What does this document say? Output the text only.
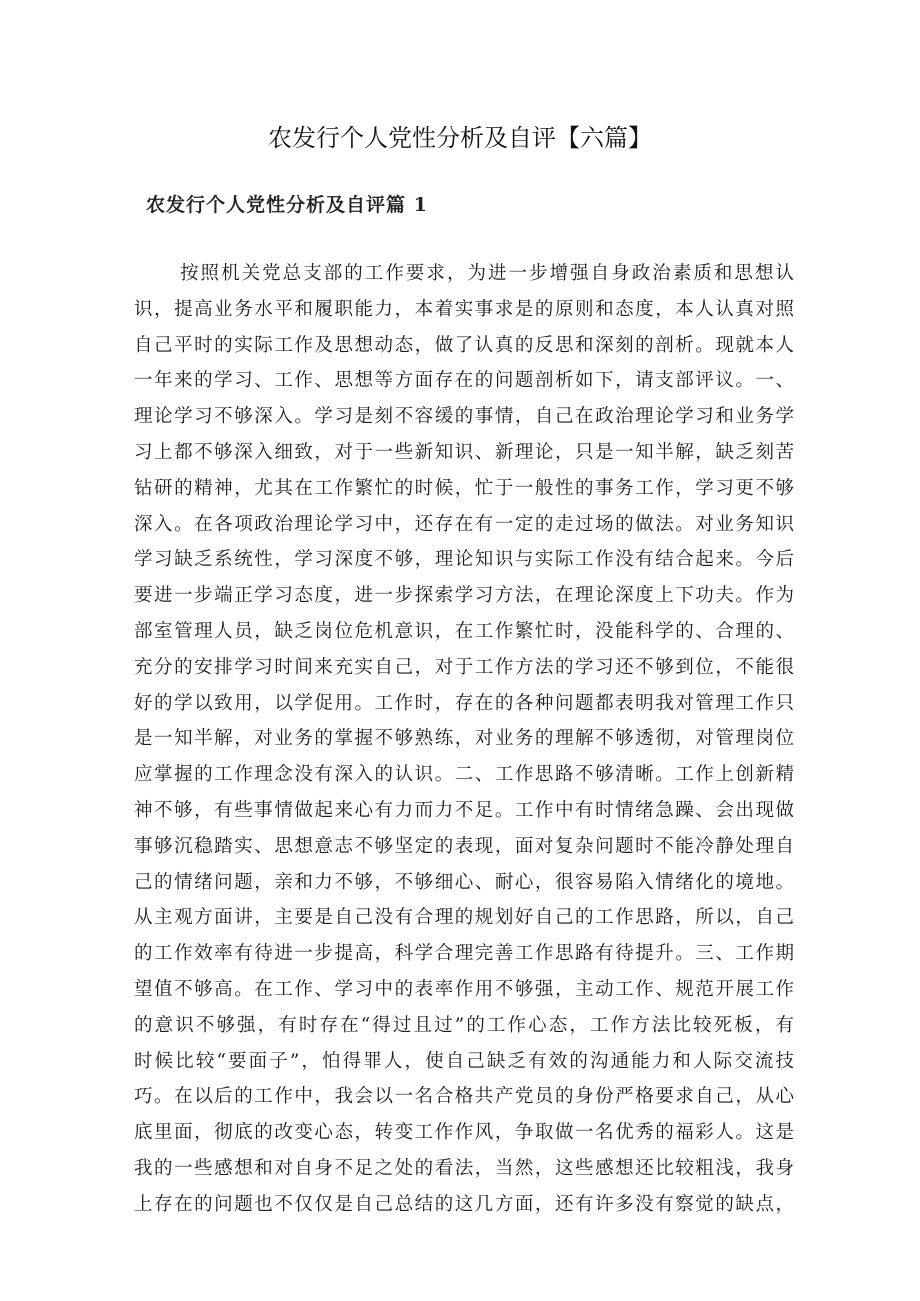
农发行个人党性分析及自评【六篇】
农发行个人党性分析及自评篇 1
按照机关党总支部的工作要求，为进一步增强自身政治素质和思想认
识，提高业务水平和履职能力，本着实事求是的原则和态度，本人认真对照
自己平时的实际工作及思想动态，做了认真的反思和深刻的剖析。现就本人
一年来的学习、工作、思想等方面存在的问题剖析如下，请支部评议。一、
理论学习不够深入。学习是刻不容缓的事情，自己在政治理论学习和业务学
习上都不够深入细致，对于一些新知识、新理论，只是一知半解，缺乏刻苦
钻研的精神，尤其在工作繁忙的时候，忙于一般性的事务工作，学习更不够
深入。在各项政治理论学习中，还存在有一定的走过场的做法。对业务知识
学习缺乏系统性，学习深度不够，理论知识与实际工作没有结合起来。今后
要进一步端正学习态度，进一步探索学习方法，在理论深度上下功夫。作为
部室管理人员，缺乏岗位危机意识，在工作繁忙时，没能科学的、合理的、
充分的安排学习时间来充实自己，对于工作方法的学习还不够到位，不能很
好的学以致用，以学促用。工作时，存在的各种问题都表明我对管理工作只
是一知半解，对业务的掌握不够熟练，对业务的理解不够透彻，对管理岗位
应掌握的工作理念没有深入的认识。二、工作思路不够清晰。工作上创新精
神不够，有些事情做起来心有力而力不足。工作中有时情绪急躁、会出现做
事够沉稳踏实、思想意志不够坚定的表现，面对复杂问题时不能冷静处理自
己的情绪问题，亲和力不够，不够细心、耐心，很容易陷入情绪化的境地。
从主观方面讲，主要是自己没有合理的规划好自己的工作思路，所以，自己
的工作效率有待进一步提高，科学合理完善工作思路有待提升。三、工作期
望值不够高。在工作、学习中的表率作用不够强，主动工作、规范开展工作
的意识不够强，有时存在“得过且过”的工作心态，工作方法比较死板，有
时候比较“要面子”，怕得罪人，使自己缺乏有效的沟通能力和人际交流技
巧。在以后的工作中，我会以一名合格共产党员的身份严格要求自己，从心
底里面，彻底的改变心态，转变工作作风，争取做一名优秀的福彩人。这是
我的一些感想和对自身不足之处的看法，当然，这些感想还比较粗浅，我身
上存在的问题也不仅仅是自己总结的这几方面，还有许多没有察觉的缺点，
